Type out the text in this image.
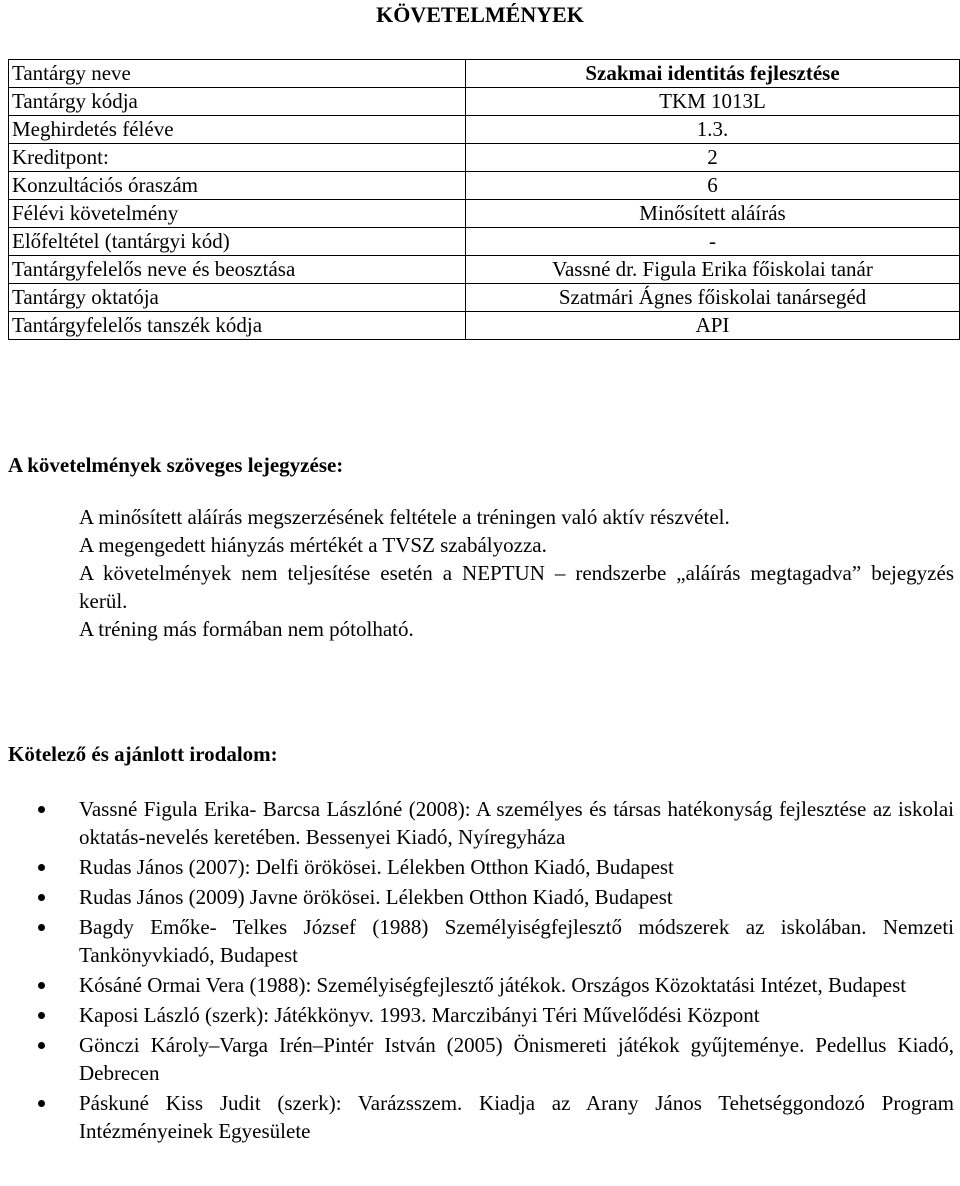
KÖVETELMÉNYEK
Tantárgy neve	Szakmai identitás fejlesztése
Tantárgy kódja	TKM 1013L
Meghirdetés féléve	1.3.
Kreditpont:	2
Konzultációs óraszám	6
Félévi követelmény	Minősített aláírás
Előfeltétel (tantárgyi kód)	-
Tantárgyfelelős neve és beosztása	Vassné dr. Figula Erika főiskolai tanár
Tantárgy oktatója	Szatmári Ágnes főiskolai tanársegéd
Tantárgyfelelős tanszék kódja	API
A követelmények szöveges lejegyzése:

A minősített aláírás megszerzésének feltétele a tréningen való aktív részvétel.

A megengedett hiányzás mértékét a TVSZ szabályozza.

A követelmények nem teljesítése esetén a NEPTUN – rendszerbe „aláírás megtagadva” bejegyzés kerül.

A tréning más formában nem pótolható.

Kötelező és ajánlott irodalom:
Vassné Figula Erika- Barcsa Lászlóné (2008): A személyes és társas hatékonyság fejlesztése az iskolai oktatás-nevelés keretében. Bessenyei Kiadó, Nyíregyháza
Rudas János (2007): Delfi örökösei. Lélekben Otthon Kiadó, Budapest
Rudas János (2009) Javne örökösei. Lélekben Otthon Kiadó, Budapest
Bagdy Emőke- Telkes József (1988) Személyiségfejlesztő módszerek az iskolában. Nemzeti Tankönyvkiadó, Budapest
Kósáné Ormai Vera (1988): Személyiségfejlesztő játékok. Országos Közoktatási Intézet, Budapest
Kaposi László (szerk): Játékkönyv. 1993. Marczibányi Téri Művelődési Központ
Gönczi Károly–Varga Irén–Pintér István (2005) Önismereti játékok gyűjteménye. Pedellus Kiadó, Debrecen
Páskuné Kiss Judit (szerk): Varázsszem. Kiadja az Arany János Tehetséggondozó Program Intézményeinek Egyesülete
